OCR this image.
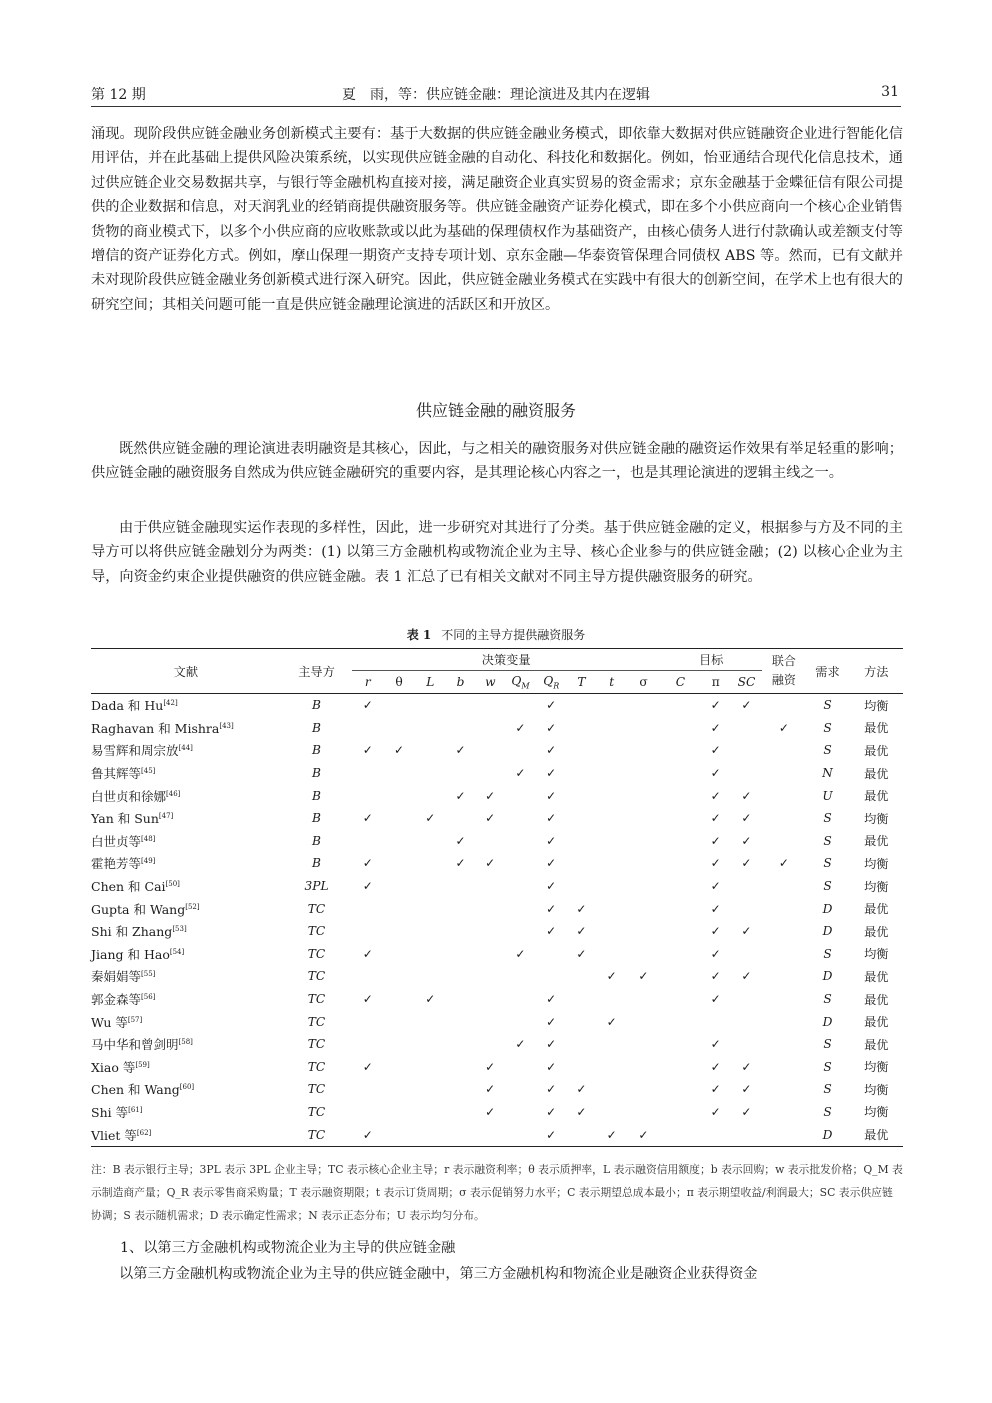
第 12 期	夏　雨，等：供应链金融：理论演进及其内在逻辑	31

涌现。现阶段供应链金融业务创新模式主要有：基于大数据的供应链金融业务模式，即依靠大数据对供应链融资企业进行智能化信用评估，并在此基础上提供风险决策系统，以实现供应链金融的自动化、科技化和数据化。例如，怡亚通结合现代化信息技术，通过供应链企业交易数据共享，与银行等金融机构直接对接，满足融资企业真实贸易的资金需求；京东金融基于金蝶征信有限公司提供的企业数据和信息，对天润乳业的经销商提供融资服务等。供应链金融资产证券化模式，即在多个小供应商向一个核心企业销售货物的商业模式下，以多个小供应商的应收账款或以此为基础的保理债权作为基础资产，由核心债务人进行付款确认或差额支付等增信的资产证券化方式。例如，摩山保理一期资产支持专项计划、京东金融—华泰资管保理合同债权 ABS 等。然而，已有文献并未对现阶段供应链金融业务创新模式进行深入研究。因此，供应链金融业务模式在实践中有很大的创新空间，在学术上也有很大的研究空间；其相关问题可能一直是供应链金融理论演进的活跃区和开放区。

供应链金融的融资服务

既然供应链金融的理论演进表明融资是其核心，因此，与之相关的融资服务对供应链金融的融资运作效果有举足轻重的影响；供应链金融的融资服务自然成为供应链金融研究的重要内容，是其理论核心内容之一，也是其理论演进的逻辑主线之一。

由于供应链金融现实运作表现的多样性，因此，进一步研究对其进行了分类。基于供应链金融的定义，根据参与方及不同的主导方可以将供应链金融划分为两类：(1) 以第三方金融机构或物流企业为主导、核心企业参与的供应链金融；(2) 以核心企业为主导，向资金约束企业提供融资的供应链金融。表 1 汇总了已有相关文献对不同主导方提供融资服务的研究。

表 1 不同的主导方提供融资服务
文献	主导方	决策变量										目标			联合融资	需求	方法
		r	θ	L	b	w	$Q_M$	$Q_R$	T	t	σ	C	π	SC			
Dada 和 Hu[42]	B	✓						✓					✓	✓		S	均衡
Raghavan 和 Mishra[43]	B						✓	✓					✓		✓	S	最优
易雪辉和周宗放[44]	B	✓	✓		✓			✓					✓			S	最优
鲁其辉等[45]	B						✓	✓					✓			N	最优
白世贞和徐娜[46]	B				✓	✓		✓					✓	✓		U	最优
Yan 和 Sun[47]	B	✓		✓		✓		✓					✓	✓		S	均衡
白世贞等[48]	B				✓			✓					✓	✓		S	最优
霍艳芳等[49]	B	✓			✓	✓		✓					✓	✓	✓	S	均衡
Chen 和 Cai[50]	3PL	✓						✓					✓			S	均衡
Gupta 和 Wang[52]	TC							✓	✓				✓			D	最优
Shi 和 Zhang[53]	TC							✓	✓				✓	✓		D	最优
Jiang 和 Hao[54]	TC	✓					✓		✓				✓			S	均衡
秦娟娟等[55]	TC									✓	✓		✓	✓		D	最优
郭金森等[56]	TC	✓		✓				✓					✓			S	最优
Wu 等[57]	TC							✓		✓						D	最优
马中华和曾剑明[58]	TC						✓	✓					✓			S	最优
Xiao 等[59]	TC	✓				✓		✓					✓	✓		S	均衡
Chen 和 Wang[60]	TC					✓		✓	✓				✓	✓		S	均衡
Shi 等[61]	TC					✓		✓	✓				✓	✓		S	均衡
Vliet 等[62]	TC	✓						✓		✓	✓					D	最优

注：B 表示银行主导；3PL 表示 3PL 企业主导；TC 表示核心企业主导；r 表示融资利率；θ 表示质押率，L 表示融资信用额度；b 表示回购；w 表示批发价格；Q_M 表示制造商产量；Q_R 表示零售商采购量；T 表示融资期限；t 表示订货周期；σ 表示促销努力水平；C 表示期望总成本最小；π 表示期望收益/利润最大；SC 表示供应链协调；S 表示随机需求；D 表示确定性需求；N 表示正态分布；U 表示均匀分布。

1、以第三方金融机构或物流企业为主导的供应链金融

以第三方金融机构或物流企业为主导的供应链金融中，第三方金融机构和物流企业是融资企业获得资金
